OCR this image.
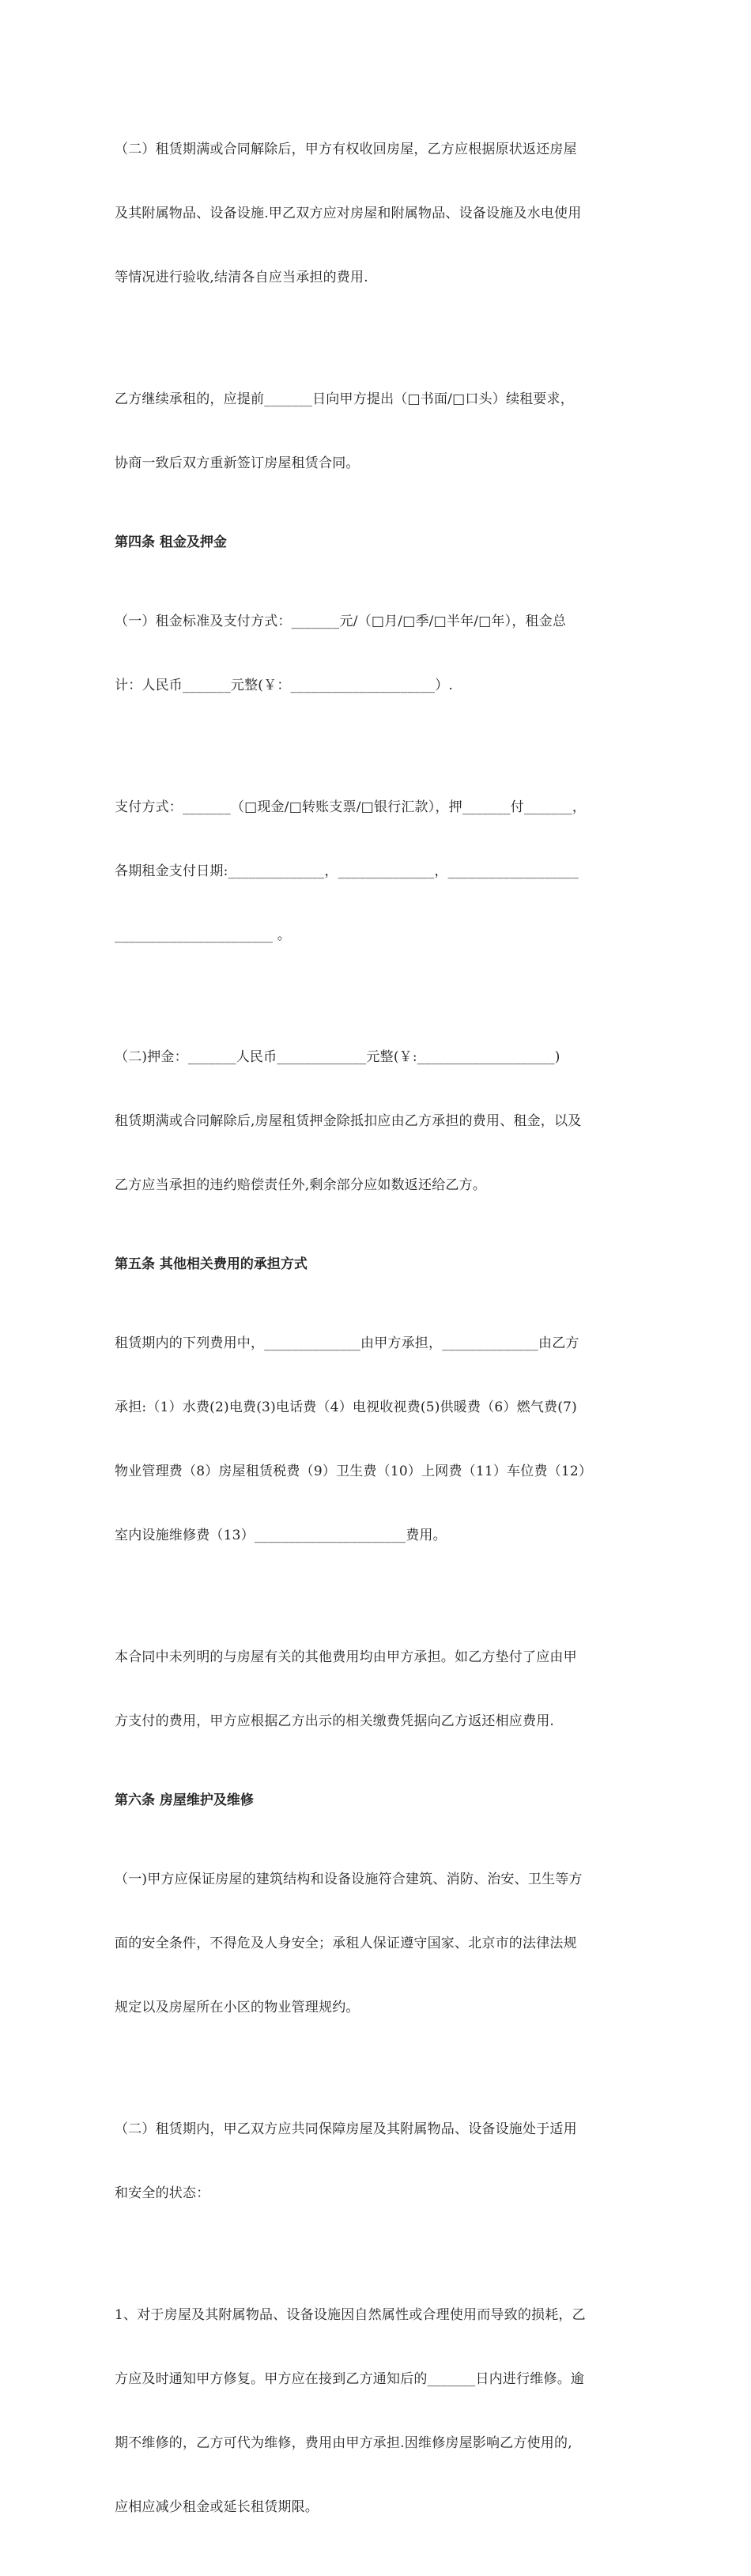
（二）租赁期满或合同解除后，甲方有权收回房屋，乙方应根据原状返还房屋

及其附属物品、设备设施.甲乙双方应对房屋和附属物品、设备设施及水电使用

等情况进行验收,结清各自应当承担的费用.

乙方继续承租的，应提前_______日向甲方提出（□书面/□口头）续租要求，

协商一致后双方重新签订房屋租赁合同。

第四条 租金及押金

（一）租金标准及支付方式：_______元/（□月/□季/□半年/□年），租金总

计：人民币_______元整(￥：_____________________）.

支付方式：_______（□现金/□转账支票/□银行汇款），押_______付_______，

各期租金支付日期:______________，______________，___________________

_______________________ 。

（二)押金：_______人民币_____________元整(￥:____________________)

租赁期满或合同解除后,房屋租赁押金除抵扣应由乙方承担的费用、租金，以及

乙方应当承担的违约赔偿责任外,剩余部分应如数返还给乙方。

第五条 其他相关费用的承担方式

租赁期内的下列费用中，______________由甲方承担，______________由乙方

承担:（1）水费(2)电费(3)电话费（4）电视收视费(5)供暖费（6）燃气费(7)

物业管理费（8）房屋租赁税费（9）卫生费（10）上网费（11）车位费（12）

室内设施维修费（13）______________________费用。

本合同中未列明的与房屋有关的其他费用均由甲方承担。如乙方垫付了应由甲

方支付的费用，甲方应根据乙方出示的相关缴费凭据向乙方返还相应费用.

第六条 房屋维护及维修

（一)甲方应保证房屋的建筑结构和设备设施符合建筑、消防、治安、卫生等方

面的安全条件，不得危及人身安全；承租人保证遵守国家、北京市的法律法规

规定以及房屋所在小区的物业管理规约。

（二）租赁期内，甲乙双方应共同保障房屋及其附属物品、设备设施处于适用

和安全的状态：

1、对于房屋及其附属物品、设备设施因自然属性或合理使用而导致的损耗，乙

方应及时通知甲方修复。甲方应在接到乙方通知后的_______日内进行维修。逾

期不维修的，乙方可代为维修，费用由甲方承担.因维修房屋影响乙方使用的,

应相应减少租金或延长租赁期限。
